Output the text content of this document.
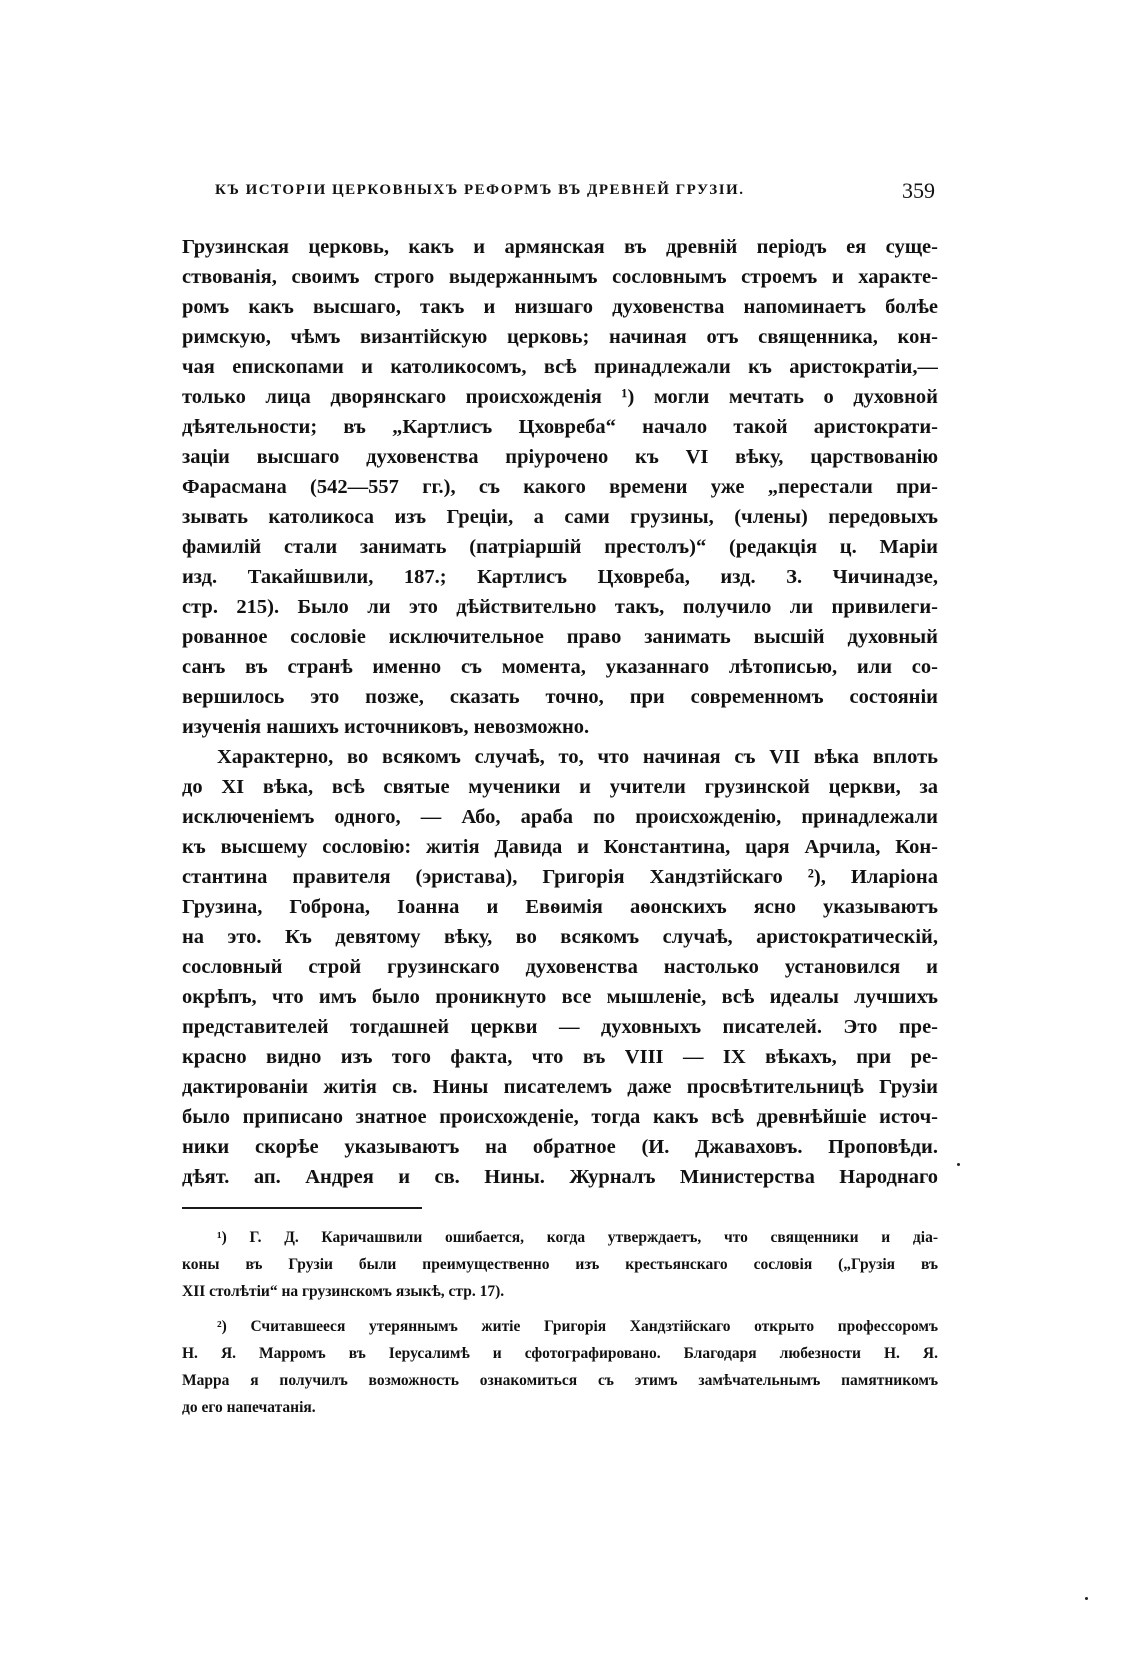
КЪ ИСТОРІИ ЦЕРКОВНЫХЪ РЕФОРМЪ ВЪ ДРЕВНЕЙ ГРУЗІИ.	359
Грузинская церковь, какъ и армянская въ древній періодъ ея суще-
ствованія, своимъ строго выдержаннымъ сословнымъ строемъ и характе-
ромъ какъ высшаго, такъ и низшаго духовенства напоминаетъ болѣе
римскую, чѣмъ византійскую церковь; начиная отъ священника, кон-
чая епископами и католикосомъ, всѣ принадлежали къ аристократіи,—
только лица дворянскаго происхожденія ¹) могли мечтать о духовной
дѣятельности; въ „Картлисъ Цховреба“ начало такой аристократи-
заціи высшаго духовенства пріурочено къ VI вѣку, царствованію
Фарасмана (542—557 гг.), съ какого времени уже „перестали при-
зывать католикоса изъ Греціи, а сами грузины, (члены) передовыхъ
фамилій стали занимать (патріаршій престолъ)“ (редакція ц. Маріи
изд. Такайшвили, 187.; Картлисъ Цховреба, изд. З. Чичинадзе,
стр. 215). Было ли это дѣйствительно такъ, получило ли привилеги-
рованное сословіе исключительное право занимать высшій духовный
санъ въ странѣ именно съ момента, указаннаго лѣтописью, или со-
вершилось это позже, сказать точно, при современномъ состояніи
изученія нашихъ источниковъ, невозможно.
Характерно, во всякомъ случаѣ, то, что начиная съ VII вѣка вплоть
до XI вѣка, всѣ святые мученики и учители грузинской церкви, за
исключеніемъ одного, — Або, араба по происхожденію, принадлежали
къ высшему сословію: житія Давида и Константина, царя Арчила, Кон-
стантина правителя (эристава), Григорія Хандзтійскаго ²), Иларіона
Грузина, Гоброна, Іоанна и Евѳимія аѳонскихъ ясно указываютъ
на это. Къ девятому вѣку, во всякомъ случаѣ, аристократическій,
сословный строй грузинскаго духовенства настолько установился и
окрѣпъ, что имъ было проникнуто все мышленіе, всѣ идеалы лучшихъ
представителей тогдашней церкви — духовныхъ писателей. Это пре-
красно видно изъ того факта, что въ VIII — IX вѣкахъ, при ре-
дактированіи житія св. Нины писателемъ даже просвѣтительницѣ Грузіи
было приписано знатное происхожденіе, тогда какъ всѣ древнѣйшіе источ-
ники скорѣе указываютъ на обратное (И. Джаваховъ. Проповѣди.
дѣят. ап. Андрея и св. Нины. Журналъ Министерства Народнаго
¹) Г. Д. Каричашвили ошибается, когда утверждаетъ, что священники и діа-
коны въ Грузіи были преимущественно изъ крестьянскаго сословія („Грузія въ
XII столѣтіи“ на грузинскомъ языкѣ, стр. 17).
²) Считавшееся утеряннымъ житіе Григорія Хандзтійскаго открыто профессоромъ
Н. Я. Марромъ въ Іерусалимѣ и сфотографировано. Благодаря любезности Н. Я.
Марра я получилъ возможность ознакомиться съ этимъ замѣчательнымъ памятникомъ
до его напечатанія.
